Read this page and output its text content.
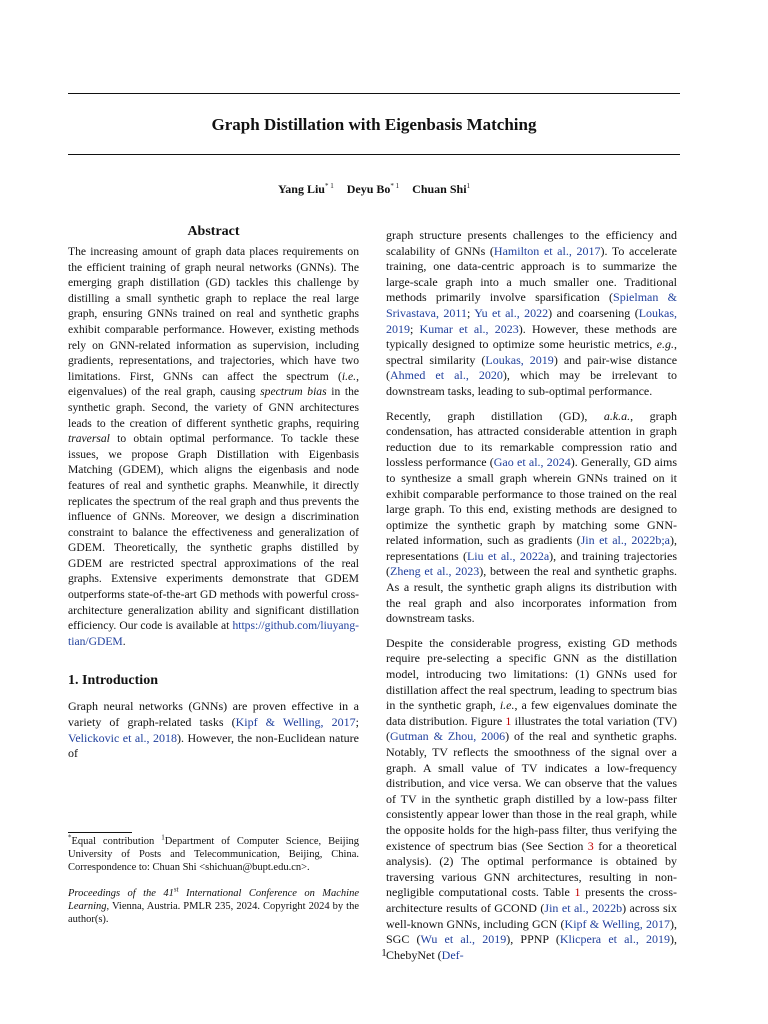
Graph Distillation with Eigenbasis Matching
Yang Liu$^{* 1}$ Deyu Bo$^{* 1}$ Chuan Shi$^1$
Abstract

The increasing amount of graph data places requirements on the efficient training of graph neural networks (GNNs). The emerging graph distillation (GD) tackles this challenge by distilling a small synthetic graph to replace the real large graph, ensuring GNNs trained on real and synthetic graphs exhibit comparable performance. However, existing methods rely on GNN-related information as supervision, including gradients, representations, and trajectories, which have two limitations. First, GNNs can affect the spectrum (i.e., eigenvalues) of the real graph, causing spectrum bias in the synthetic graph. Second, the variety of GNN architectures leads to the creation of different synthetic graphs, requiring traversal to obtain optimal performance. To tackle these issues, we propose Graph Distillation with Eigenbasis Matching (GDEM), which aligns the eigenbasis and node features of real and synthetic graphs. Meanwhile, it directly replicates the spectrum of the real graph and thus prevents the influence of GNNs. Moreover, we design a discrimination constraint to balance the effectiveness and generalization of GDEM. Theoretically, the synthetic graphs distilled by GDEM are restricted spectral approximations of the real graphs. Extensive experiments demonstrate that GDEM outperforms state-of-the-art GD methods with powerful cross-architecture generalization ability and significant distillation efficiency. Our code is available at https://github.com/liuyang-tian/GDEM.

1. Introduction

Graph neural networks (GNNs) are proven effective in a variety of graph-related tasks (Kipf & Welling, 2017; Velickovic et al., 2018). However, the non-Euclidean nature of

*Equal contribution $^1$Department of Computer Science, Beijing University of Posts and Telecommunication, Beijing, China. Correspondence to: Chuan Shi <shichuan@bupt.edu.cn>.
Proceedings of the 41st International Conference on Machine Learning, Vienna, Austria. PMLR 235, 2024. Copyright 2024 by the author(s).

graph structure presents challenges to the efficiency and scalability of GNNs (Hamilton et al., 2017). To accelerate training, one data-centric approach is to summarize the large-scale graph into a much smaller one. Traditional methods primarily involve sparsification (Spielman & Srivastava, 2011; Yu et al., 2022) and coarsening (Loukas, 2019; Kumar et al., 2023). However, these methods are typically designed to optimize some heuristic metrics, e.g., spectral similarity (Loukas, 2019) and pair-wise distance (Ahmed et al., 2020), which may be irrelevant to downstream tasks, leading to sub-optimal performance.

Recently, graph distillation (GD), a.k.a., graph condensation, has attracted considerable attention in graph reduction due to its remarkable compression ratio and lossless performance (Gao et al., 2024). Generally, GD aims to synthesize a small graph wherein GNNs trained on it exhibit comparable performance to those trained on the real large graph. To this end, existing methods are designed to optimize the synthetic graph by matching some GNN-related information, such as gradients (Jin et al., 2022b;a), representations (Liu et al., 2022a), and training trajectories (Zheng et al., 2023), between the real and synthetic graphs. As a result, the synthetic graph aligns its distribution with the real graph and also incorporates information from downstream tasks.

Despite the considerable progress, existing GD methods require pre-selecting a specific GNN as the distillation model, introducing two limitations: (1) GNNs used for distillation affect the real spectrum, leading to spectrum bias in the synthetic graph, i.e., a few eigenvalues dominate the data distribution. Figure 1 illustrates the total variation (TV) (Gutman & Zhou, 2006) of the real and synthetic graphs. Notably, TV reflects the smoothness of the signal over a graph. A small value of TV indicates a low-frequency distribution, and vice versa. We can observe that the values of TV in the synthetic graph distilled by a low-pass filter consistently appear lower than those in the real graph, while the opposite holds for the high-pass filter, thus verifying the existence of spectrum bias (See Section 3 for a theoretical analysis). (2) The optimal performance is obtained by traversing various GNN architectures, resulting in non-negligible computational costs. Table 1 presents the cross-architecture results of GCOND (Jin et al., 2022b) across six well-known GNNs, including GCN (Kipf & Welling, 2017), SGC (Wu et al., 2019), PPNP (Klicpera et al., 2019), ChebyNet (Def-

1
